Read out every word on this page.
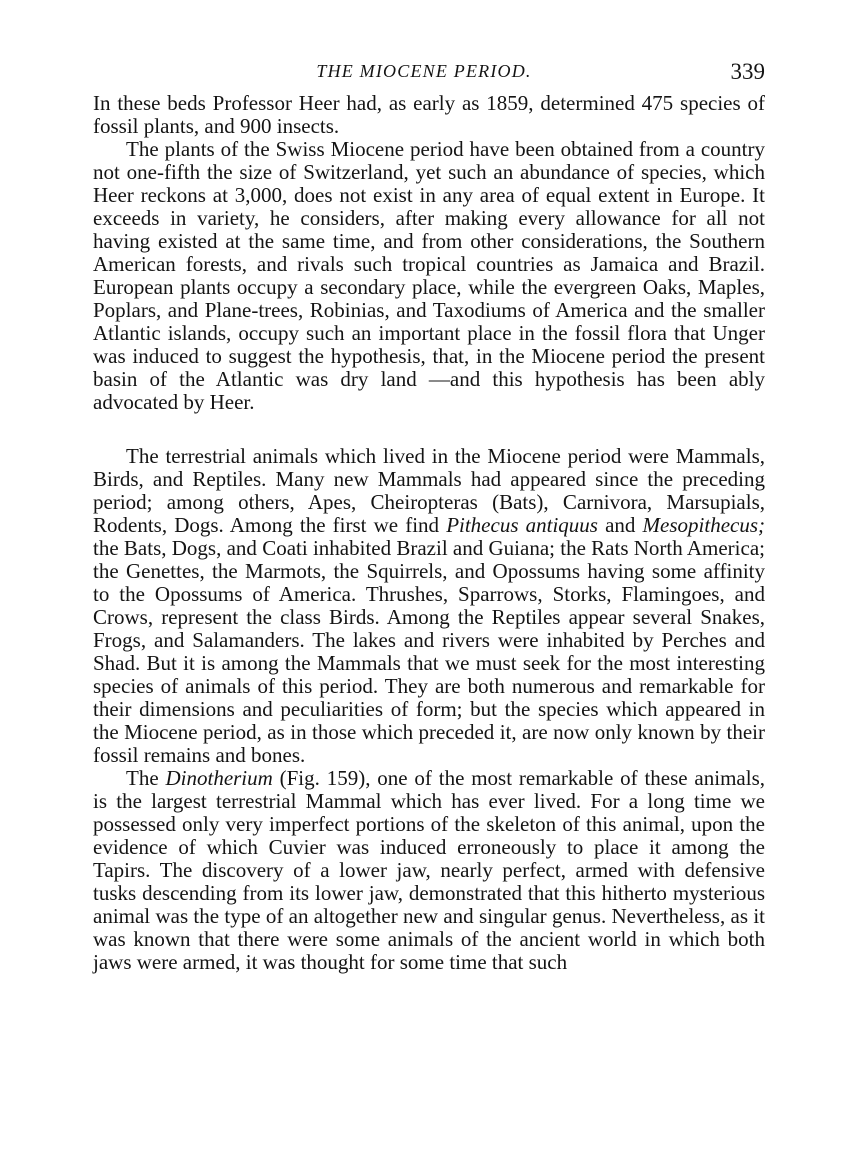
THE MIOCENE PERIOD.	339

In these beds Professor Heer had, as early as 1859, determined 475 species of fossil plants, and 900 insects.

The plants of the Swiss Miocene period have been obtained from a country not one-fifth the size of Switzerland, yet such an abundance of species, which Heer reckons at 3,000, does not exist in any area of equal extent in Europe. It exceeds in variety, he considers, after making every allowance for all not having existed at the same time, and from other considerations, the Southern American forests, and rivals such tropical countries as Jamaica and Brazil. European plants occupy a secondary place, while the evergreen Oaks, Maples, Poplars, and Plane-trees, Robinias, and Taxodiums of America and the smaller Atlantic islands, occupy such an important place in the fossil flora that Unger was induced to suggest the hypothesis, that, in the Miocene period the present basin of the Atlantic was dry land —and this hypothesis has been ably advocated by Heer.

The terrestrial animals which lived in the Miocene period were Mammals, Birds, and Reptiles. Many new Mammals had appeared since the preceding period; among others, Apes, Cheiropteras (Bats), Carnivora, Marsupials, Rodents, Dogs. Among the first we find Pithecus antiquus and Mesopithecus; the Bats, Dogs, and Coati inhabited Brazil and Guiana; the Rats North America; the Genettes, the Marmots, the Squirrels, and Opossums having some affinity to the Opossums of America. Thrushes, Sparrows, Storks, Flamingoes, and Crows, represent the class Birds. Among the Reptiles appear several Snakes, Frogs, and Salamanders. The lakes and rivers were inhabited by Perches and Shad. But it is among the Mammals that we must seek for the most interesting species of animals of this period. They are both numerous and remarkable for their dimensions and peculiarities of form; but the species which appeared in the Miocene period, as in those which preceded it, are now only known by their fossil remains and bones.

The Dinotherium (Fig. 159), one of the most remarkable of these animals, is the largest terrestrial Mammal which has ever lived. For a long time we possessed only very imperfect portions of the skeleton of this animal, upon the evidence of which Cuvier was induced erroneously to place it among the Tapirs. The discovery of a lower jaw, nearly perfect, armed with defensive tusks descending from its lower jaw, demonstrated that this hitherto mysterious animal was the type of an altogether new and singular genus. Nevertheless, as it was known that there were some animals of the ancient world in which both jaws were armed, it was thought for some time that such
